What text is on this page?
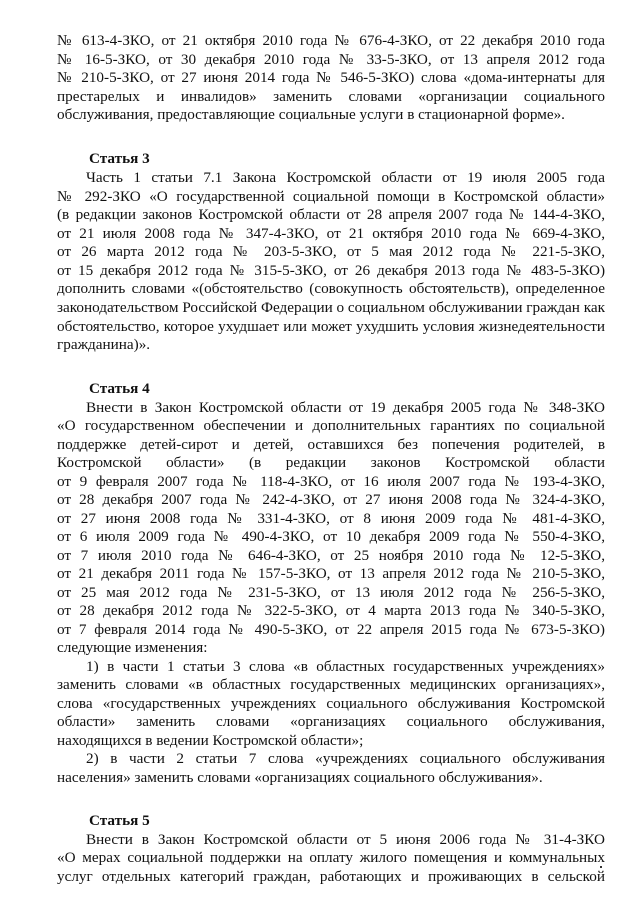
№ 613-4-ЗКО, от 21 октября 2010 года № 676-4-ЗКО, от 22 декабря 2010 года
№ 16-5-ЗКО, от 30 декабря 2010 года № 33-5-ЗКО, от 13 апреля 2012 года
№ 210-5-ЗКО, от 27 июня 2014 года № 546-5-ЗКО) слова «дома-интернаты для
престарелых и инвалидов» заменить словами «организации социального
обслуживания, предоставляющие социальные услуги в стационарной форме».
Статья 3
Часть 1 статьи 7.1 Закона Костромской области от 19 июля 2005 года
№ 292-ЗКО «О государственной социальной помощи в Костромской области»
(в редакции законов Костромской области от 28 апреля 2007 года № 144-4-ЗКО,
от 21 июля 2008 года № 347-4-ЗКО, от 21 октября 2010 года № 669-4-ЗКО,
от 26 марта 2012 года № 203-5-ЗКО, от 5 мая 2012 года № 221-5-ЗКО,
от 15 декабря 2012 года № 315-5-ЗКО, от 26 декабря 2013 года № 483-5-ЗКО)
дополнить словами «(обстоятельство (совокупность обстоятельств), определенное
законодательством Российской Федерации о социальном обслуживании граждан как
обстоятельство, которое ухудшает или может ухудшить условия жизнедеятельности
гражданина)».
Статья 4
Внести в Закон Костромской области от 19 декабря 2005 года № 348-ЗКО
«О государственном обеспечении и дополнительных гарантиях по социальной
поддержке детей-сирот и детей, оставшихся без попечения родителей, в
Костромской области» (в редакции законов Костромской области
от 9 февраля 2007 года № 118-4-ЗКО, от 16 июля 2007 года № 193-4-ЗКО,
от 28 декабря 2007 года № 242-4-ЗКО, от 27 июня 2008 года № 324-4-ЗКО,
от 27 июня 2008 года № 331-4-ЗКО, от 8 июня 2009 года № 481-4-ЗКО,
от 6 июля 2009 года № 490-4-ЗКО, от 10 декабря 2009 года № 550-4-ЗКО,
от 7 июля 2010 года № 646-4-ЗКО, от 25 ноября 2010 года № 12-5-ЗКО,
от 21 декабря 2011 года № 157-5-ЗКО, от 13 апреля 2012 года № 210-5-ЗКО,
от 25 мая 2012 года № 231-5-ЗКО, от 13 июля 2012 года № 256-5-ЗКО,
от 28 декабря 2012 года № 322-5-ЗКО, от 4 марта 2013 года № 340-5-ЗКО,
от 7 февраля 2014 года № 490-5-ЗКО, от 22 апреля 2015 года № 673-5-ЗКО)
следующие изменения:
1) в части 1 статьи 3 слова «в областных государственных учреждениях»
заменить словами «в областных государственных медицинских организациях»,
слова «государственных учреждениях социального обслуживания Костромской
области» заменить словами «организациях социального обслуживания,
находящихся в ведении Костромской области»;
2) в части 2 статьи 7 слова «учреждениях социального обслуживания
населения» заменить словами «организациях социального обслуживания».
Статья 5
Внести в Закон Костромской области от 5 июня 2006 года № 31-4-ЗКО
«О мерах социальной поддержки на оплату жилого помещения и коммунальных
услуг отдельных категорий граждан, работающих и проживающих в сельской
